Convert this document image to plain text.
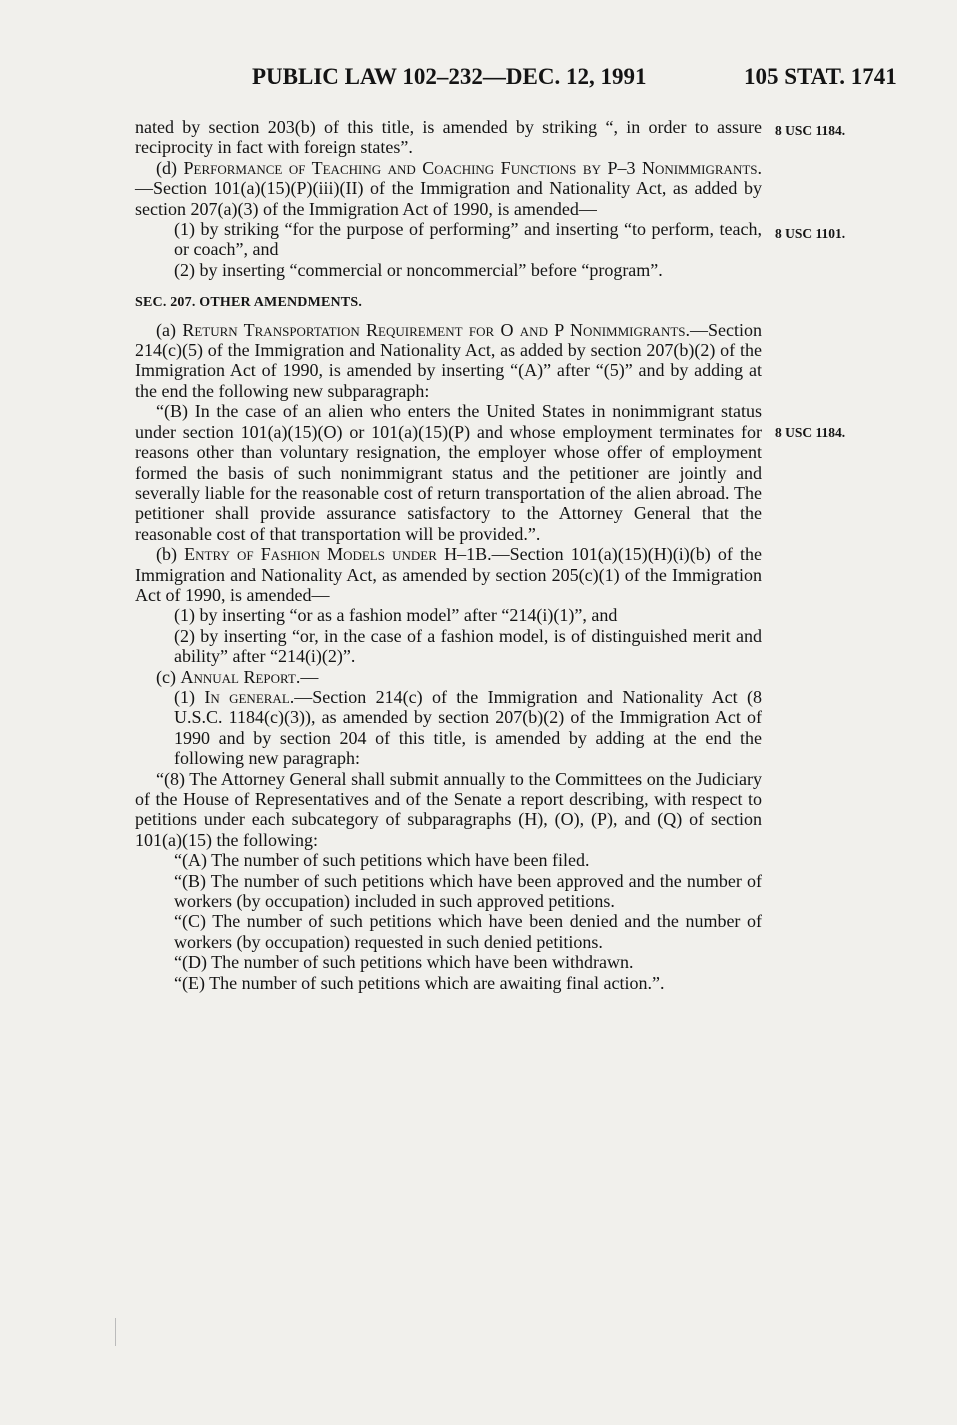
PUBLIC LAW 102–232—DEC. 12, 1991	105 STAT. 1741
8 USC 1184.
8 USC 1101.
8 USC 1184.

nated by section 203(b) of this title, is amended by striking “, in order to assure reciprocity in fact with foreign states”.

(d) Performance of Teaching and Coaching Functions by P–3 Nonimmigrants.—Section 101(a)(15)(P)(iii)(II) of the Immigration and Nationality Act, as added by section 207(a)(3) of the Immigration Act of 1990, is amended—

(1) by striking “for the purpose of performing” and inserting “to perform, teach, or coach”, and

(2) by inserting “commercial or noncommercial” before “program”.

SEC. 207. OTHER AMENDMENTS.

(a) Return Transportation Requirement for O and P Nonimmigrants.—Section 214(c)(5) of the Immigration and Nationality Act, as added by section 207(b)(2) of the Immigration Act of 1990, is amended by inserting “(A)” after “(5)” and by adding at the end the following new subparagraph:

“(B) In the case of an alien who enters the United States in nonimmigrant status under section 101(a)(15)(O) or 101(a)(15)(P) and whose employment terminates for reasons other than voluntary resignation, the employer whose offer of employment formed the basis of such nonimmigrant status and the petitioner are jointly and severally liable for the reasonable cost of return transportation of the alien abroad. The petitioner shall provide assurance satisfactory to the Attorney General that the reasonable cost of that transportation will be provided.”.

(b) Entry of Fashion Models under H–1B.—Section 101(a)(15)(H)(i)(b) of the Immigration and Nationality Act, as amended by section 205(c)(1) of the Immigration Act of 1990, is amended—

(1) by inserting “or as a fashion model” after “214(i)(1)”, and

(2) by inserting “or, in the case of a fashion model, is of distinguished merit and ability” after “214(i)(2)”.

(c) Annual Report.—

(1) In general.—Section 214(c) of the Immigration and Nationality Act (8 U.S.C. 1184(c)(3)), as amended by section 207(b)(2) of the Immigration Act of 1990 and by section 204 of this title, is amended by adding at the end the following new paragraph:

“(8) The Attorney General shall submit annually to the Committees on the Judiciary of the House of Representatives and of the Senate a report describing, with respect to petitions under each subcategory of subparagraphs (H), (O), (P), and (Q) of section 101(a)(15) the following:

“(A) The number of such petitions which have been filed.

“(B) The number of such petitions which have been approved and the number of workers (by occupation) included in such approved petitions.

“(C) The number of such petitions which have been denied and the number of workers (by occupation) requested in such denied petitions.

“(D) The number of such petitions which have been withdrawn.

“(E) The number of such petitions which are awaiting final action.”.
